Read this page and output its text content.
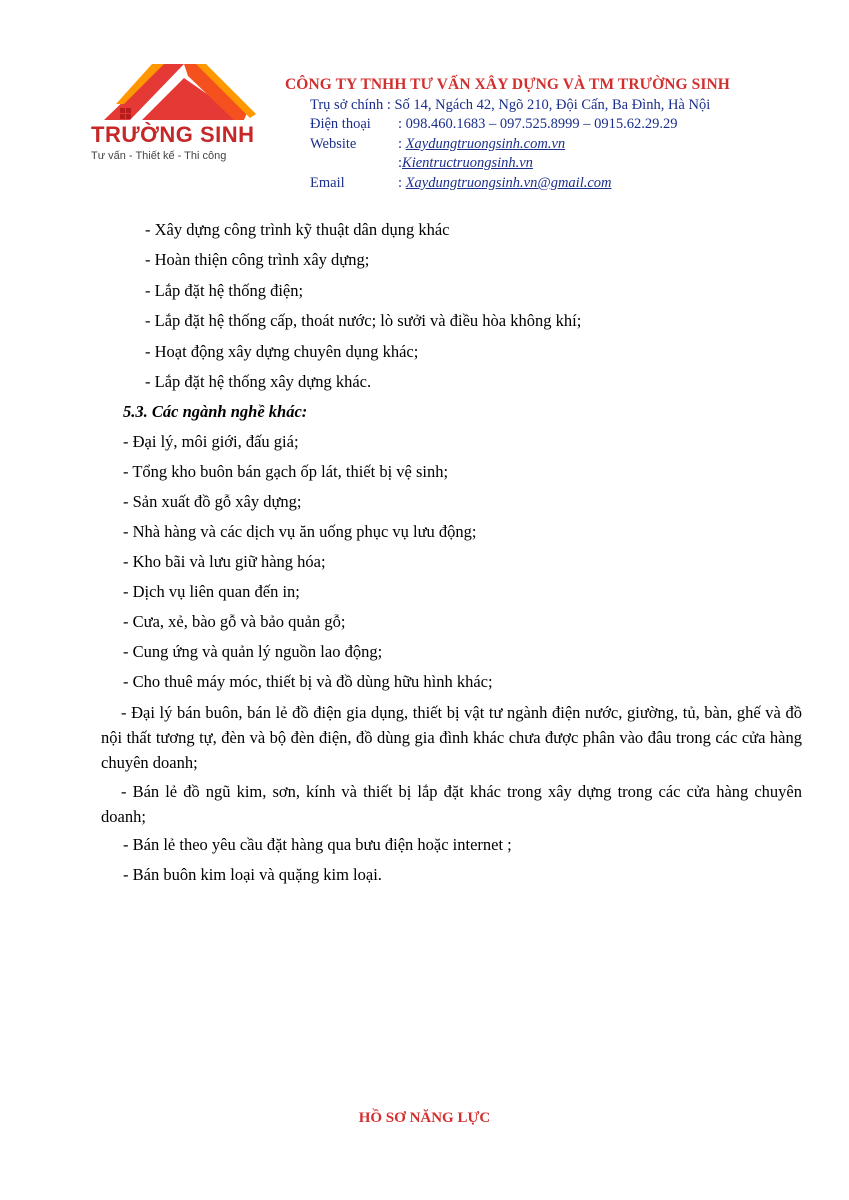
TRƯỜNG SINH
Tư vấn - Thiết kế - Thi công
CÔNG TY TNHH TƯ VẤN XÂY DỰNG VÀ TM TRƯỜNG SINH
Trụ sở chính : Số 14, Ngách 42, Ngõ 210, Đội Cấn, Ba Đình, Hà Nội
Điện thoại : 098.460.1683 – 097.525.8999 – 0915.62.29.29
Website	: Xaydungtruongsinh.com.vn
:Kientructruongsinh.vn
Email	: Xaydungtruongsinh.vn@gmail.com
- Xây dựng công trình kỹ thuật dân dụng khác
- Hoàn thiện công trình xây dựng;
- Lắp đặt hệ thống điện;
- Lắp đặt hệ thống cấp, thoát nước; lò sưởi và điều hòa không khí;
- Hoạt động xây dựng chuyên dụng khác;
- Lắp đặt hệ thống xây dựng khác.
5.3. Các ngành nghề khác:
- Đại lý, môi giới, đấu giá;
- Tổng kho buôn bán gạch ốp lát, thiết bị vệ sinh;
- Sản xuất đồ gỗ xây dựng;
- Nhà hàng và các dịch vụ ăn uống phục vụ lưu động;
- Kho bãi và lưu giữ hàng hóa;
- Dịch vụ liên quan đến in;
- Cưa, xẻ, bào gỗ và bảo quản gỗ;
- Cung ứng và quản lý nguồn lao động;
- Cho thuê máy móc, thiết bị và đồ dùng hữu hình khác;
- Đại lý bán buôn, bán lẻ đồ điện gia dụng, thiết bị vật tư ngành điện nước, giường, tủ, bàn, ghế và đồ nội thất tương tự, đèn và bộ đèn điện, đồ dùng gia đình khác chưa được phân vào đâu trong các cửa hàng chuyên doanh;
- Bán lẻ đồ ngũ kim, sơn, kính và thiết bị lắp đặt khác trong xây dựng trong các cửa hàng chuyên doanh;
- Bán lẻ theo yêu cầu đặt hàng qua bưu điện hoặc internet ;
- Bán buôn kim loại và quặng kim loại.
HỒ SƠ NĂNG LỰC
